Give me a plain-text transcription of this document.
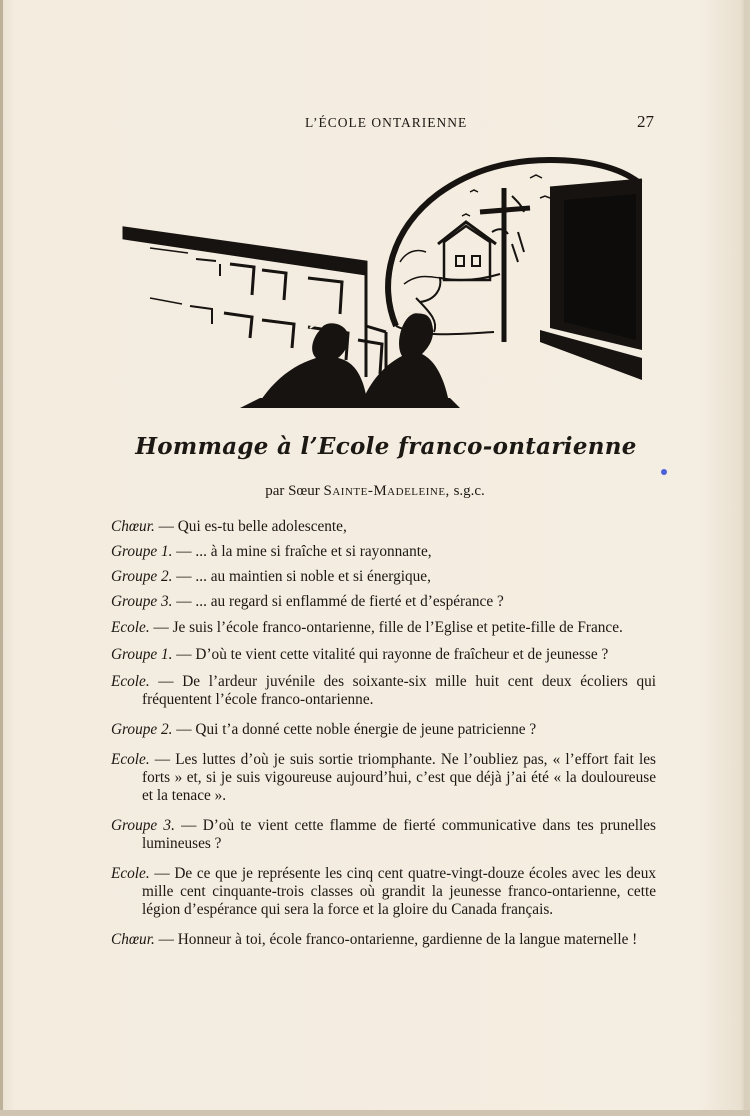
L’ÉCOLE ONTARIENNE	27
Hommage à l’Ecole franco-ontarienne
par Sœur Sainte-Madeleine, s.g.c.

Chœur. — Qui es-tu belle adolescente,

Groupe 1. — ... à la mine si fraîche et si rayonnante,

Groupe 2. — ... au maintien si noble et si énergique,

Groupe 3. — ... au regard si enflammé de fierté et d’espérance ?

Ecole. — Je suis l’école franco-ontarienne, fille de l’Eglise et petite-fille de France.

Groupe 1. — D’où te vient cette vitalité qui rayonne de fraîcheur et de jeunesse ?

Ecole. — De l’ardeur juvénile des soixante-six mille huit cent deux écoliers qui fréquentent l’école franco-ontarienne.

Groupe 2. — Qui t’a donné cette noble énergie de jeune patricienne ?

Ecole. — Les luttes d’où je suis sortie triomphante. Ne l’oubliez pas, « l’effort fait les forts » et, si je suis vigoureuse aujourd’hui, c’est que déjà j’ai été « la douloureuse et la tenace ».

Groupe 3. — D’où te vient cette flamme de fierté communicative dans tes prunelles lumineuses ?

Ecole. — De ce que je représente les cinq cent quatre-vingt-douze écoles avec les deux mille cent cinquante-trois classes où grandit la jeunesse franco-ontarienne, cette légion d’espérance qui sera la force et la gloire du Canada français.

Chœur. — Honneur à toi, école franco-ontarienne, gardienne de la langue maternelle !
